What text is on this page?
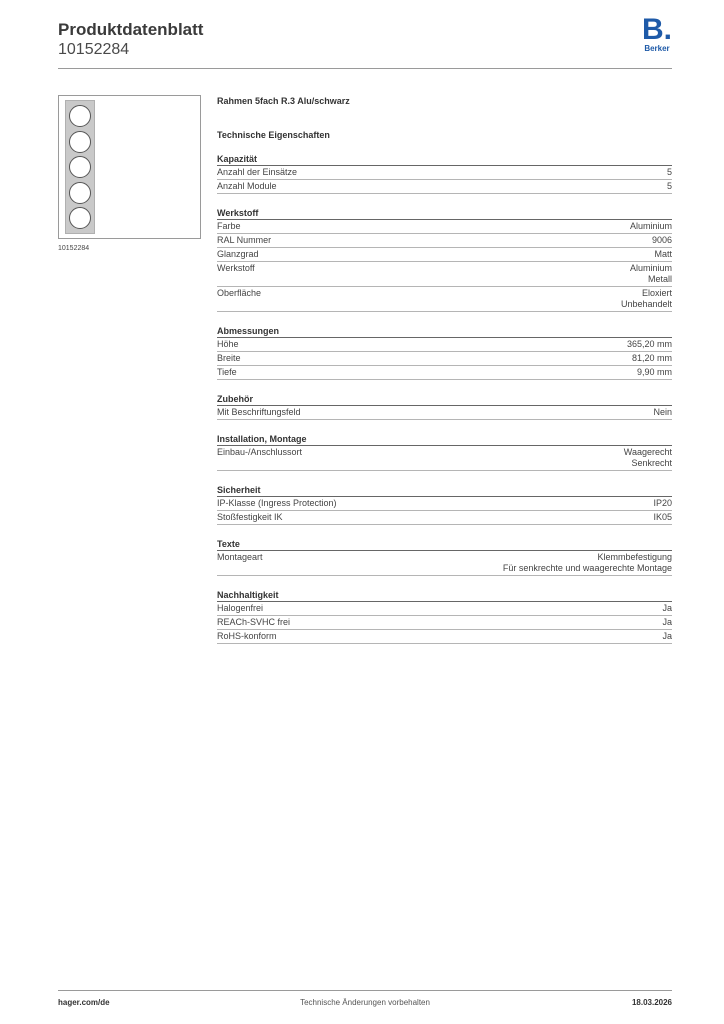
Produktdatenblatt
10152284
B.
Berker
10152284
Rahmen 5fach R.3 Alu/schwarz
Technische Eigenschaften
Kapazität
Anzahl der Einsätze	5
Anzahl Module	5
Werkstoff
Farbe	Aluminium
RAL Nummer	9006
Glanzgrad	Matt
Werkstoff	Aluminium
Metall
Oberfläche	Eloxiert
Unbehandelt
Abmessungen
Höhe	365,20 mm
Breite	81,20 mm
Tiefe	9,90 mm
Zubehör
Mit Beschriftungsfeld	Nein
Installation, Montage
Einbau-/Anschlussort	Waagerecht
Senkrecht
Sicherheit
IP-Klasse (Ingress Protection)	IP20
Stoßfestigkeit IK	IK05
Texte
Montageart	Klemmbefestigung
Für senkrechte und waagerechte Montage
Nachhaltigkeit
Halogenfrei	Ja
REACh-SVHC frei	Ja
RoHS-konform	Ja
hager.com/de	Technische Änderungen vorbehalten	18.03.2026
